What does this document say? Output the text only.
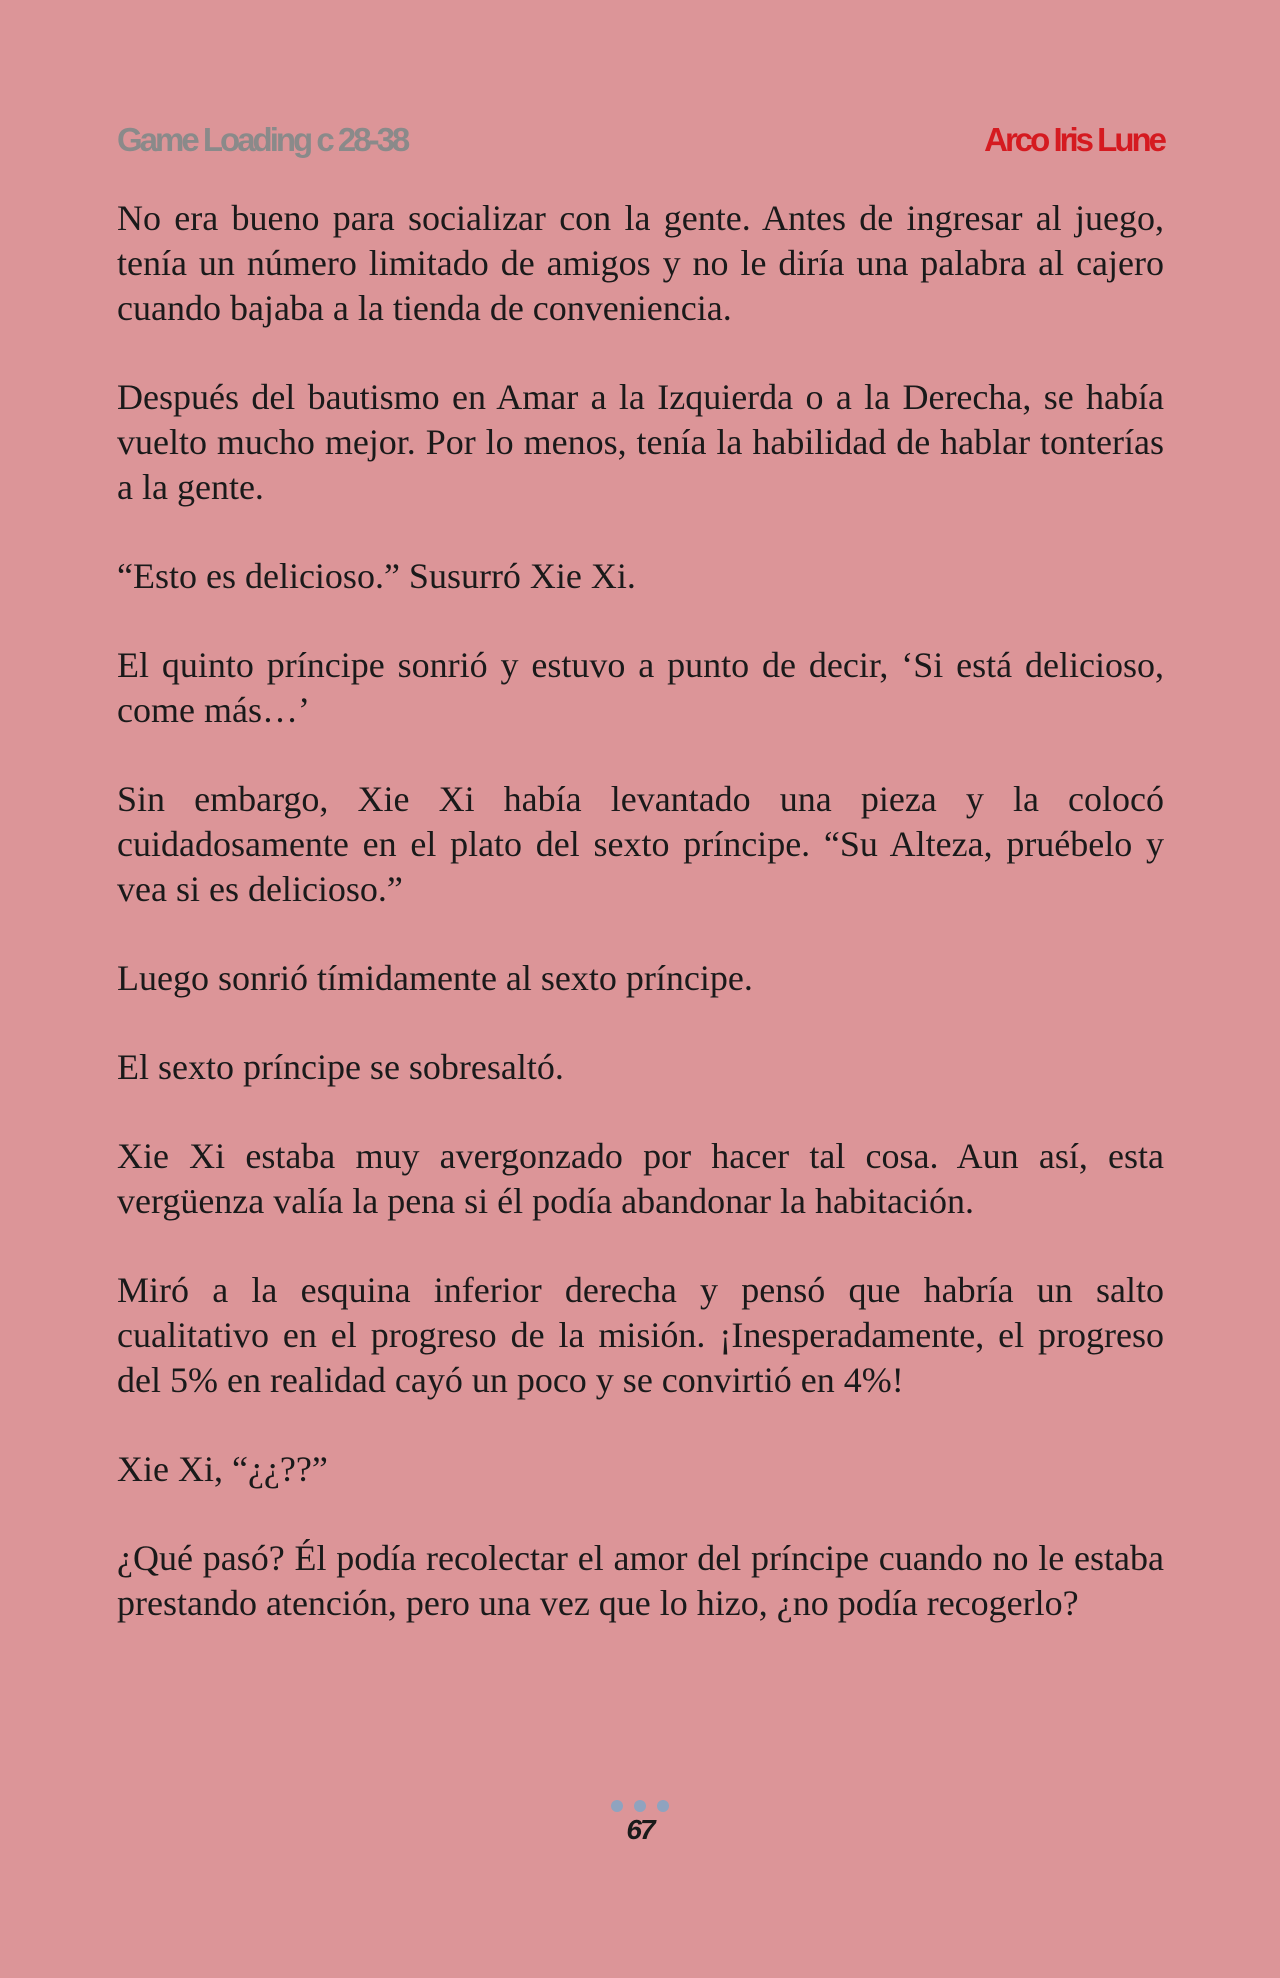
Game Loading c 28-38	Arco Iris Lune

No era bueno para socializar con la gente. Antes de ingresar al juego, tenía un número limitado de amigos y no le diría una palabra al cajero cuando bajaba a la tienda de conveniencia.

Después del bautismo en Amar a la Izquierda o a la Derecha, se había vuelto mucho mejor. Por lo menos, tenía la habilidad de hablar tonterías a la gente.

“Esto es delicioso.” Susurró Xie Xi.

El quinto príncipe sonrió y estuvo a punto de decir, ‘Si está delicioso, come más…’

Sin embargo, Xie Xi había levantado una pieza y la colocó cuidadosamente en el plato del sexto príncipe. “Su Alteza, pruébelo y vea si es delicioso.”

Luego sonrió tímidamente al sexto príncipe.

El sexto príncipe se sobresaltó.

Xie Xi estaba muy avergonzado por hacer tal cosa. Aun así, esta vergüenza valía la pena si él podía abandonar la habitación.

Miró a la esquina inferior derecha y pensó que habría un salto cualitativo en el progreso de la misión. ¡Inesperadamente, el progreso del 5% en realidad cayó un poco y se convirtió en 4%!

Xie Xi, “¿¿??”

¿Qué pasó? Él podía recolectar el amor del príncipe cuando no le estaba prestando atención, pero una vez que lo hizo, ¿no podía recogerlo?

67
